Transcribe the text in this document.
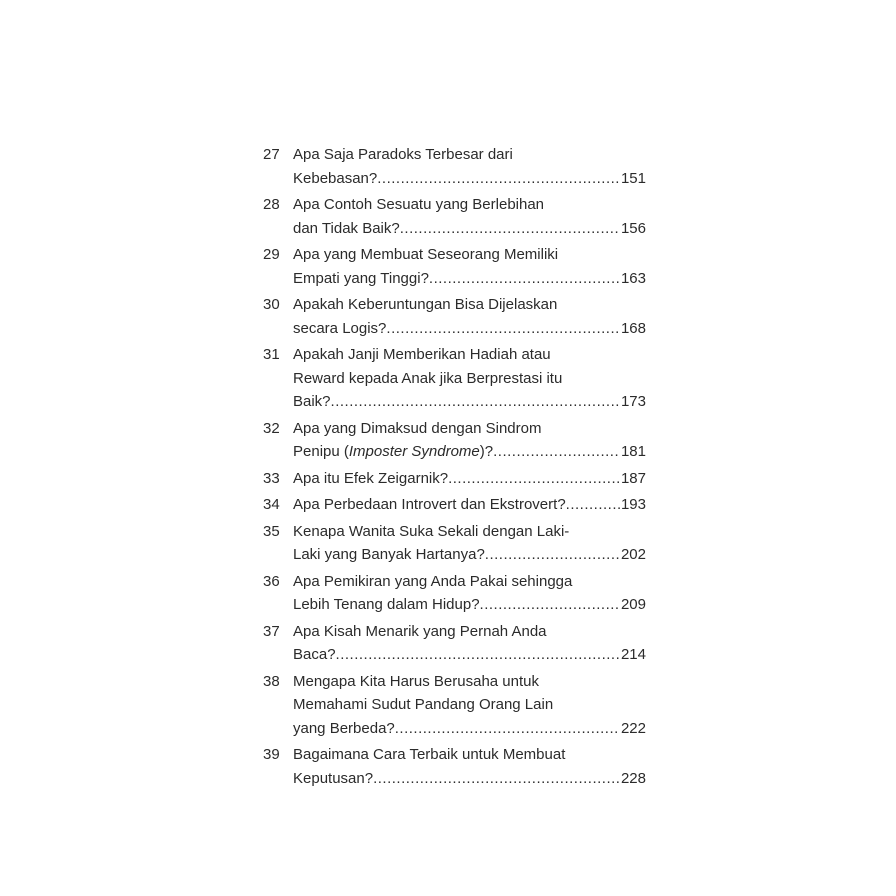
27 Apa Saja Paradoks Terbesar dari
Kebebasan? .....	151
28 Apa Contoh Sesuatu yang Berlebihan
dan Tidak Baik? .....	156
29 Apa yang Membuat Seseorang Memiliki
Empati yang Tinggi? .....	163
30 Apakah Keberuntungan Bisa Dijelaskan
secara Logis? .....	168
31 Apakah Janji Memberikan Hadiah atau
Reward kepada Anak jika Berprestasi itu
Baik? .....	173
32 Apa yang Dimaksud dengan Sindrom
Penipu (Imposter Syndrome)? .....	181
33 Apa itu Efek Zeigarnik? .....	187
34 Apa Perbedaan Introvert dan Ekstrovert? .....	193
35 Kenapa Wanita Suka Sekali dengan Laki-
Laki yang Banyak Hartanya? .....	202
36 Apa Pemikiran yang Anda Pakai sehingga
Lebih Tenang dalam Hidup? .....	209
37 Apa Kisah Menarik yang Pernah Anda
Baca? .....	214
38 Mengapa Kita Harus Berusaha untuk
Memahami Sudut Pandang Orang Lain
yang Berbeda? .....	222
39 Bagaimana Cara Terbaik untuk Membuat
Keputusan? .....	228
